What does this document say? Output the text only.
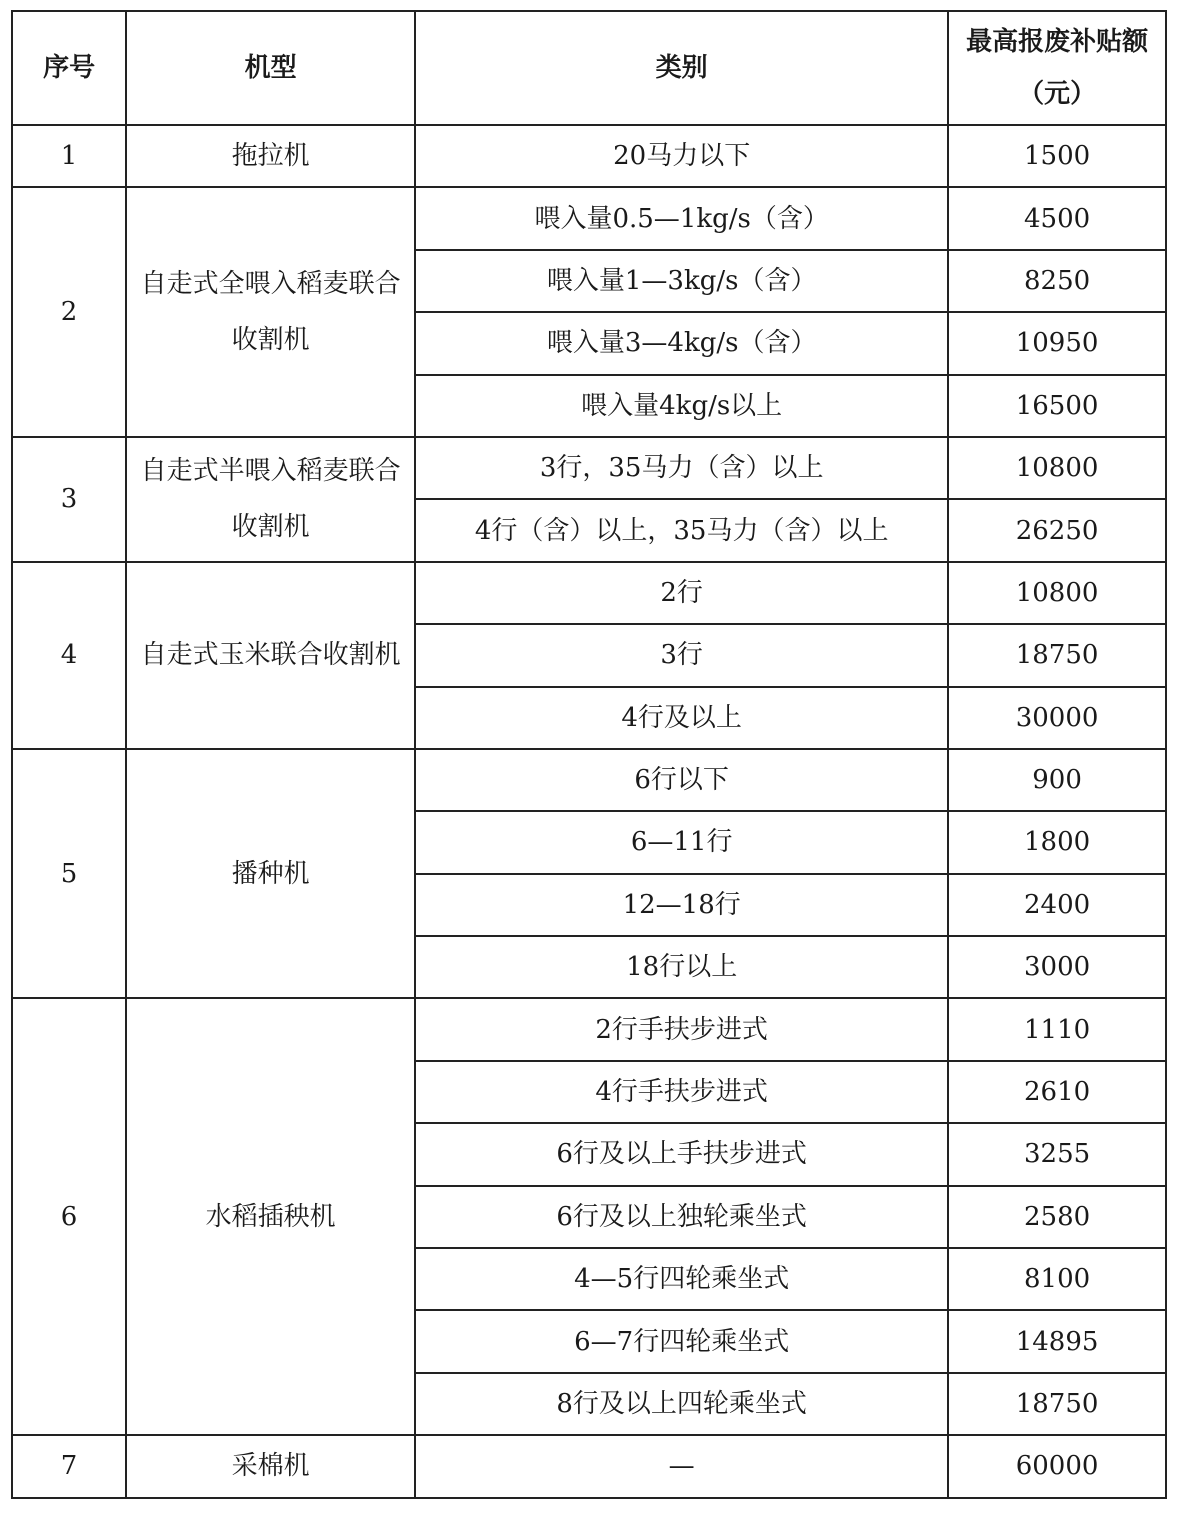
序号	机型	类别	最高报废补贴额（元）
1	拖拉机	20马力以下	1500
2	自走式全喂入稻麦联合收割机	喂入量0.5—1kg/s（含）	4500
		喂入量1—3kg/s（含）	8250
		喂入量3—4kg/s（含）	10950
		喂入量4kg/s以上	16500
3	自走式半喂入稻麦联合收割机	3行，35马力（含）以上	10800
		4行（含）以上，35马力（含）以上	26250
4	自走式玉米联合收割机	2行	10800
		3行	18750
		4行及以上	30000
5	播种机	6行以下	900
		6—11行	1800
		12—18行	2400
		18行以上	3000
6	水稻插秧机	2行手扶步进式	1110
		4行手扶步进式	2610
		6行及以上手扶步进式	3255
		6行及以上独轮乘坐式	2580
		4—5行四轮乘坐式	8100
		6—7行四轮乘坐式	14895
		8行及以上四轮乘坐式	18750
7	采棉机	—	60000
